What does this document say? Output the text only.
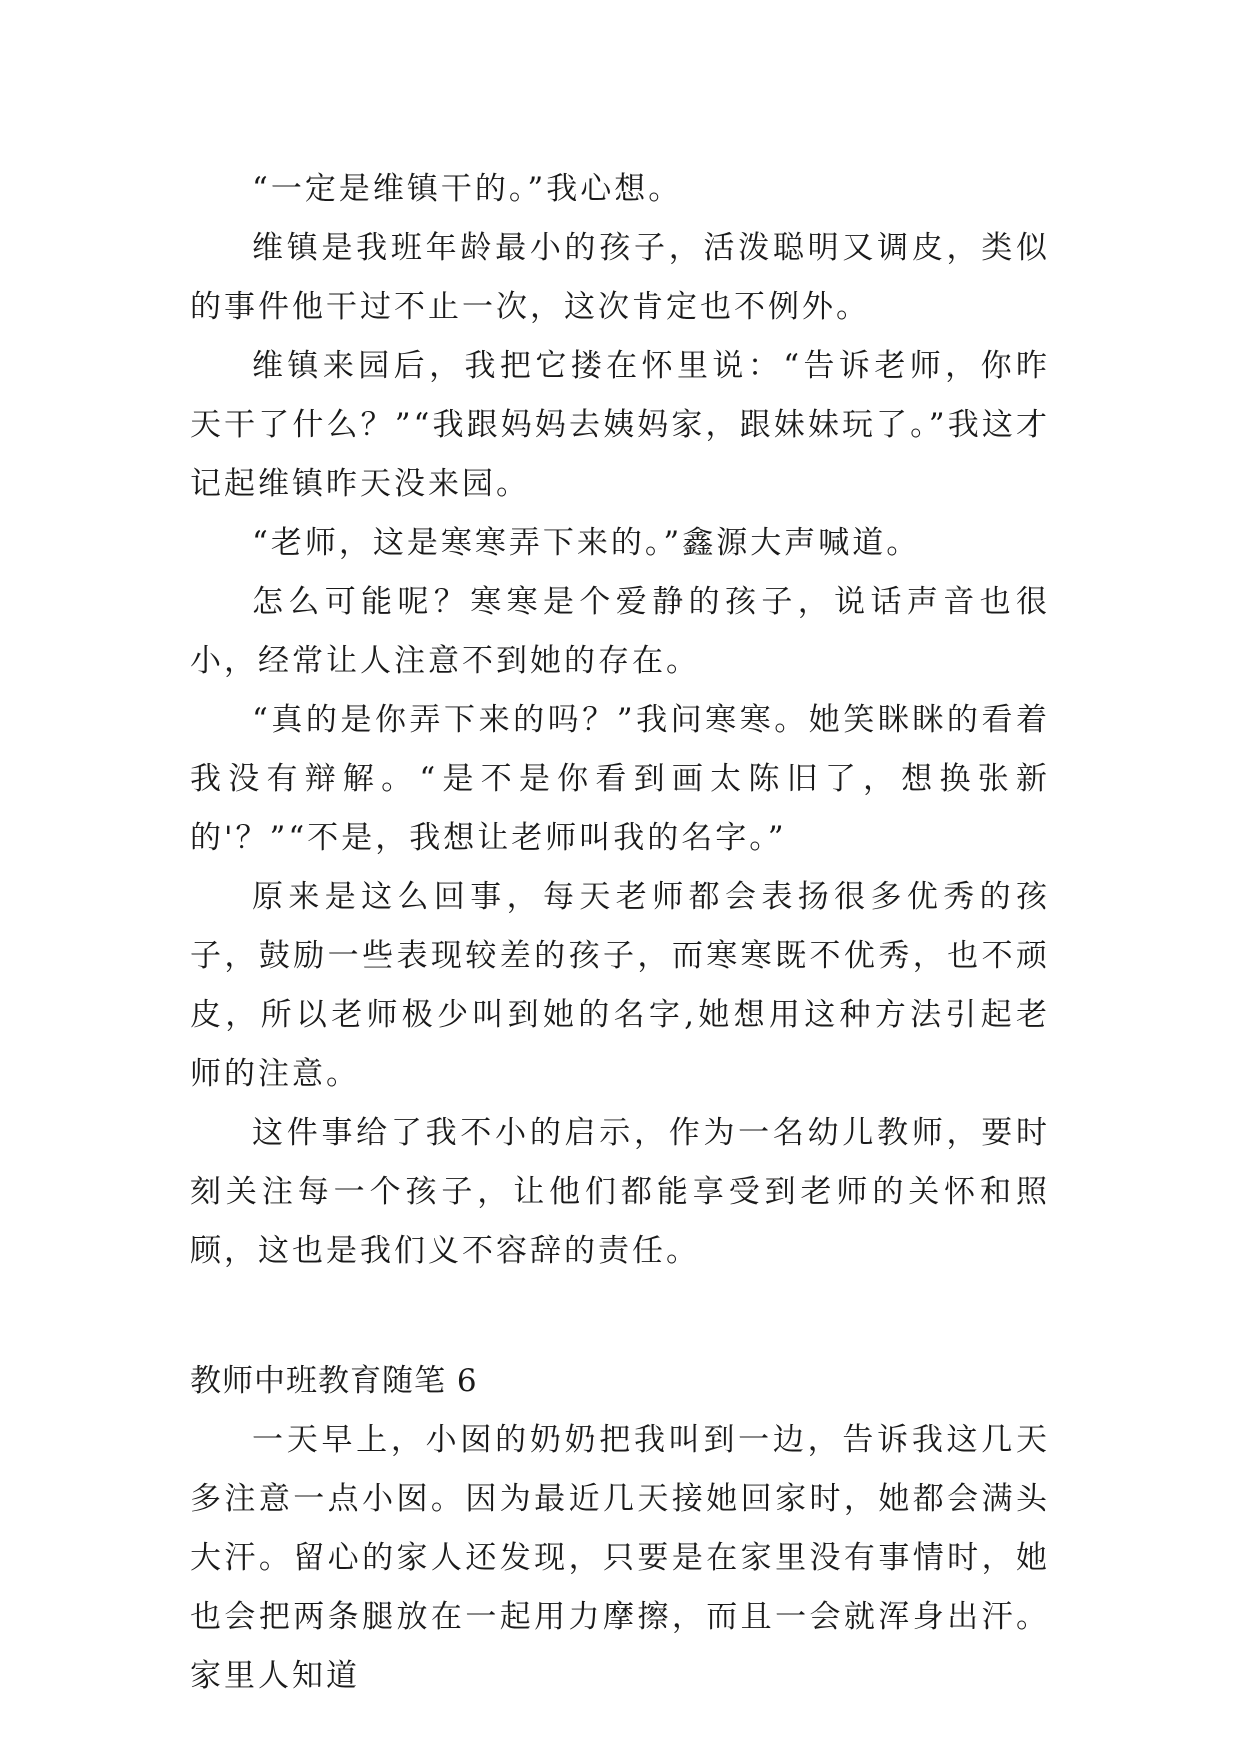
“一定是维镇干的。”我心想。

维镇是我班年龄最小的孩子，活泼聪明又调皮，类似的事件他干过不止一次，这次肯定也不例外。

维镇来园后，我把它搂在怀里说：“告诉老师，你昨天干了什么？”“我跟妈妈去姨妈家，跟妹妹玩了。”我这才记起维镇昨天没来园。

“老师，这是寒寒弄下来的。”鑫源大声喊道。

怎么可能呢？寒寒是个爱静的孩子，说话声音也很小，经常让人注意不到她的存在。

“真的是你弄下来的吗？”我问寒寒。她笑眯眯的看着我没有辩解。“是不是你看到画太陈旧了，想换张新的'？”“不是，我想让老师叫我的名字。”

原来是这么回事，每天老师都会表扬很多优秀的孩子，鼓励一些表现较差的孩子，而寒寒既不优秀，也不顽皮，所以老师极少叫到她的名字,她想用这种方法引起老师的注意。

这件事给了我不小的启示，作为一名幼儿教师，要时刻关注每一个孩子，让他们都能享受到老师的关怀和照顾，这也是我们义不容辞的责任。

教师中班教育随笔 6

一天早上，小囡的奶奶把我叫到一边，告诉我这几天多注意一点小囡。因为最近几天接她回家时，她都会满头大汗。留心的家人还发现，只要是在家里没有事情时，她也会把两条腿放在一起用力摩擦，而且一会就浑身出汗。家里人知道
